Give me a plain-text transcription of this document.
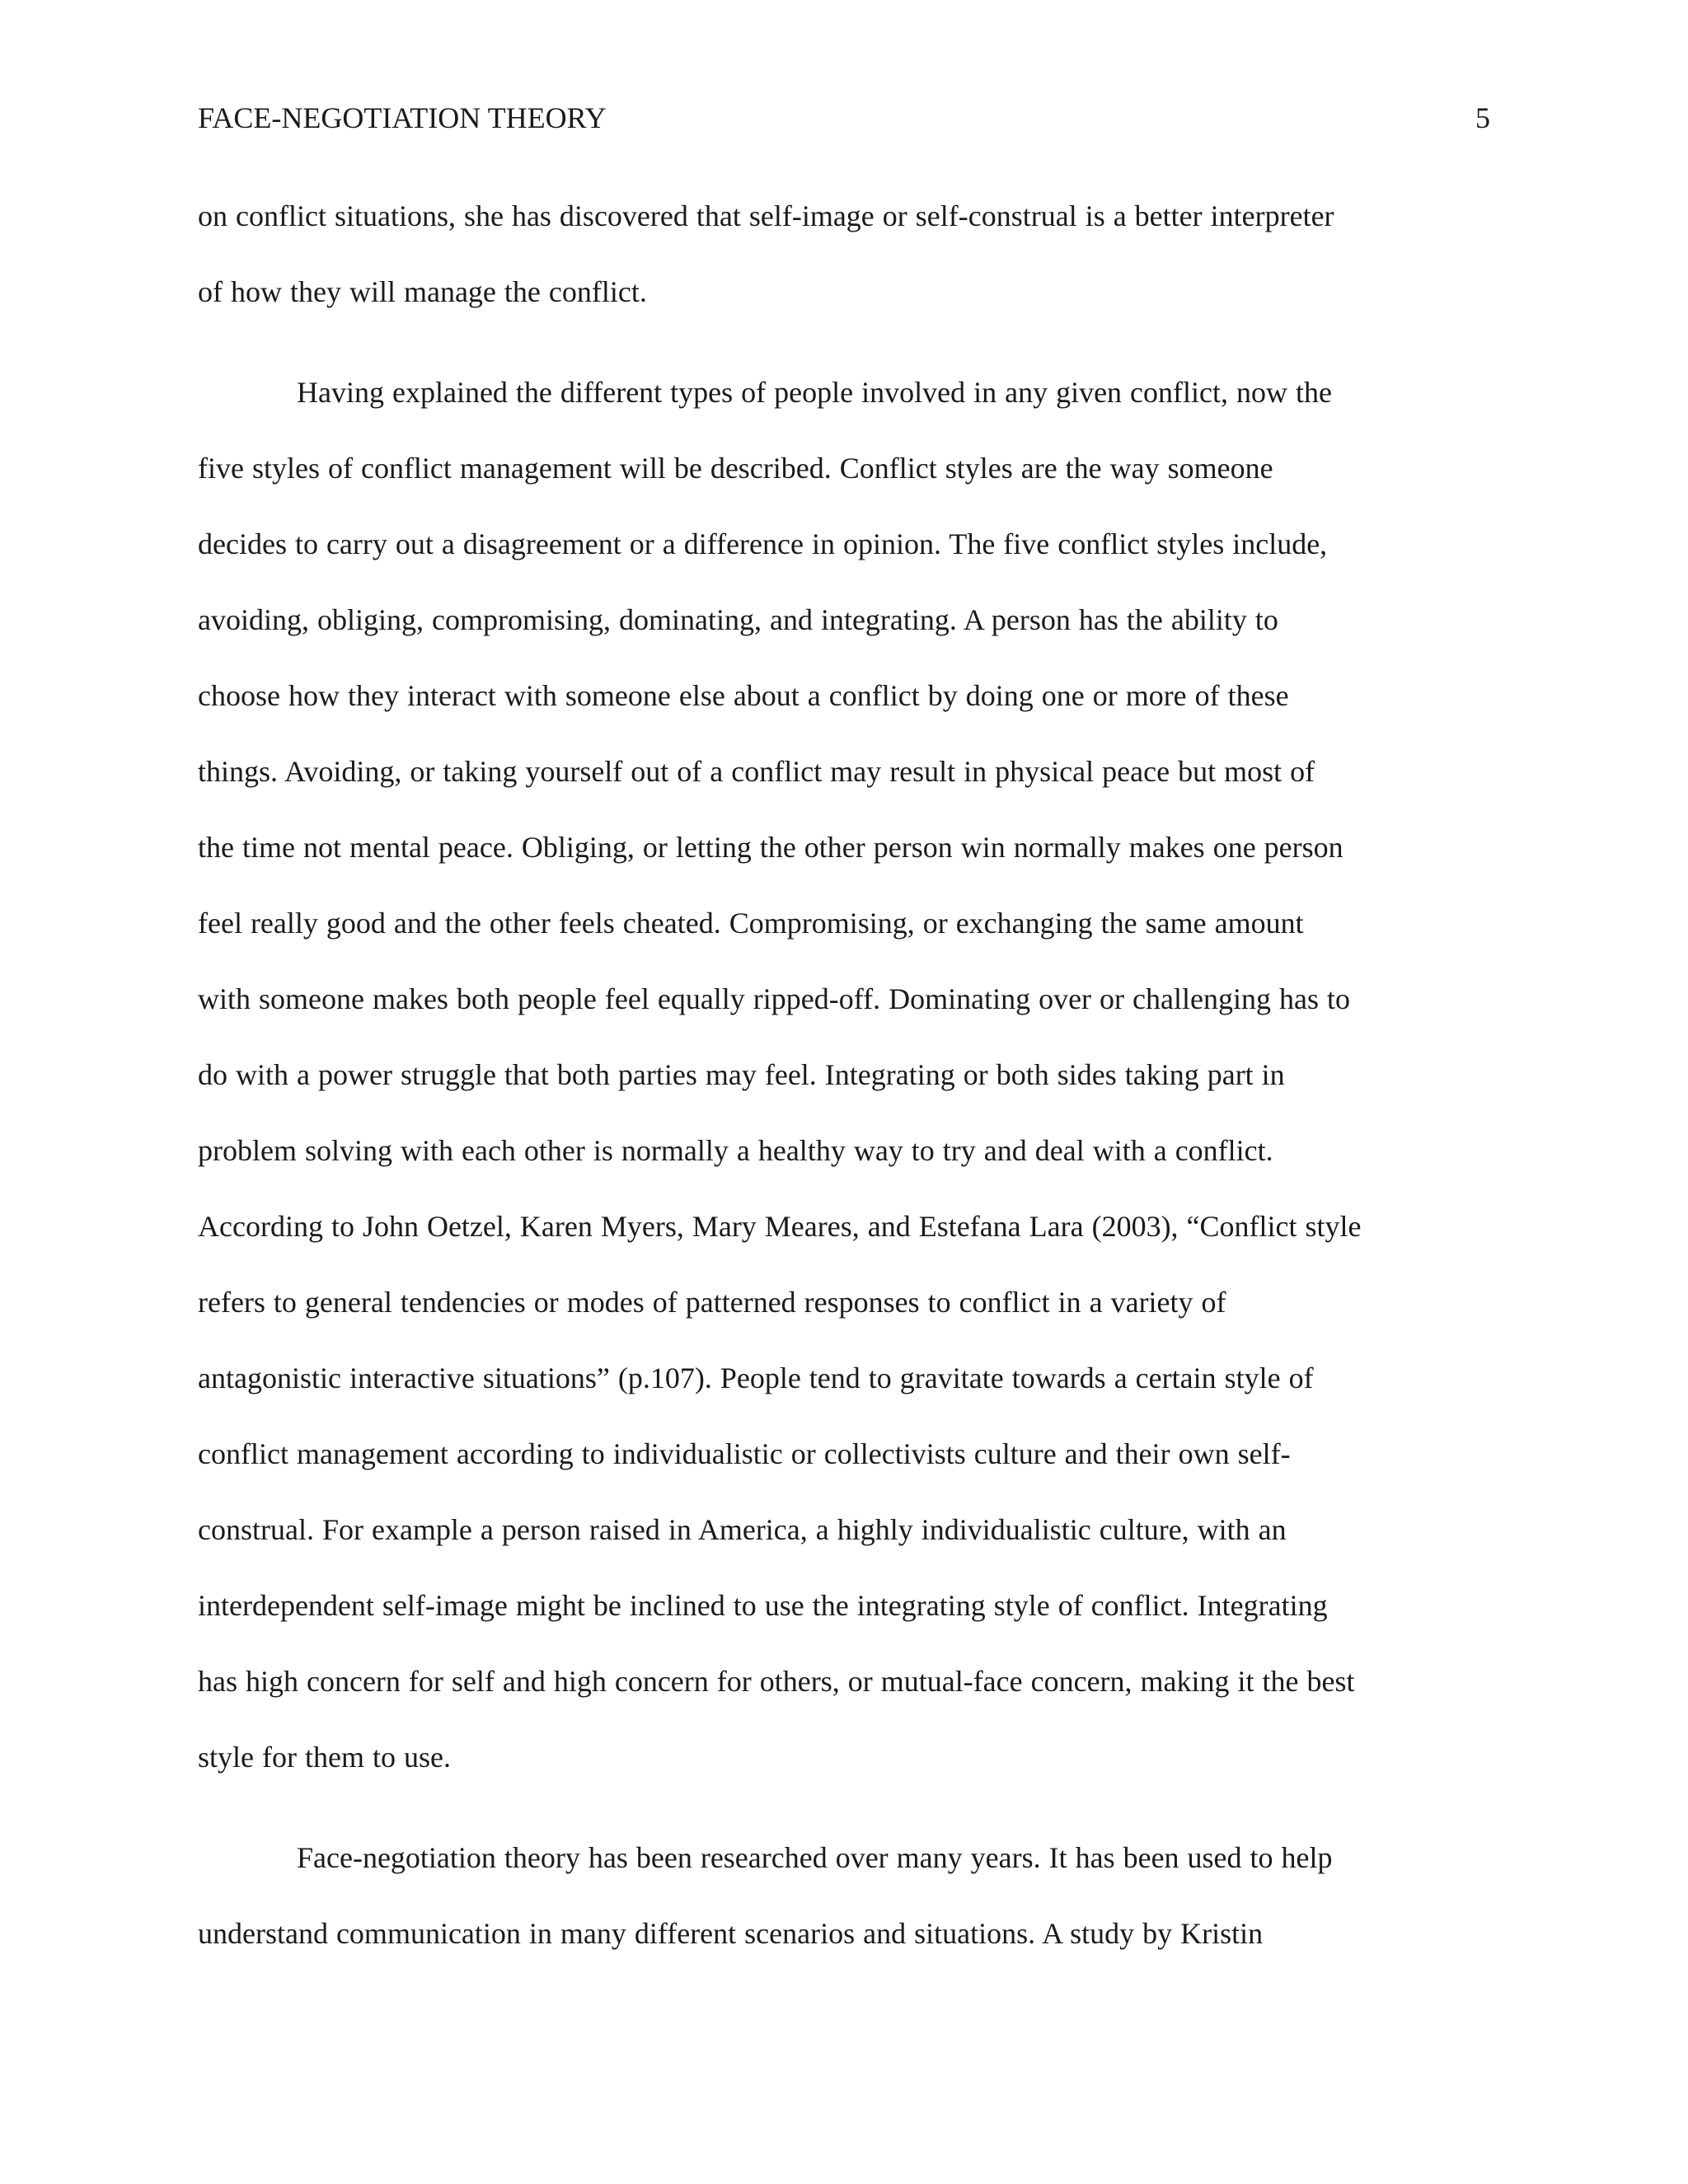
FACE-NEGOTIATION THEORY	5
on conflict situations, she has discovered that self-image or self-construal is a better interpreter
of how they will manage the conflict.
Having explained the different types of people involved in any given conflict, now the
five styles of conflict management will be described. Conflict styles are the way someone
decides to carry out a disagreement or a difference in opinion. The five conflict styles include,
avoiding, obliging, compromising, dominating, and integrating. A person has the ability to
choose how they interact with someone else about a conflict by doing one or more of these
things. Avoiding, or taking yourself out of a conflict may result in physical peace but most of
the time not mental peace. Obliging, or letting the other person win normally makes one person
feel really good and the other feels cheated. Compromising, or exchanging the same amount
with someone makes both people feel equally ripped-off. Dominating over or challenging has to
do with a power struggle that both parties may feel. Integrating or both sides taking part in
problem solving with each other is normally a healthy way to try and deal with a conflict.
According to John Oetzel, Karen Myers, Mary Meares, and Estefana Lara (2003), “Conflict style
refers to general tendencies or modes of patterned responses to conflict in a variety of
antagonistic interactive situations” (p.107). People tend to gravitate towards a certain style of
conflict management according to individualistic or collectivists culture and their own self-
construal. For example a person raised in America, a highly individualistic culture, with an
interdependent self-image might be inclined to use the integrating style of conflict. Integrating
has high concern for self and high concern for others, or mutual-face concern, making it the best
style for them to use.
Face-negotiation theory has been researched over many years. It has been used to help
understand communication in many different scenarios and situations. A study by Kristin
